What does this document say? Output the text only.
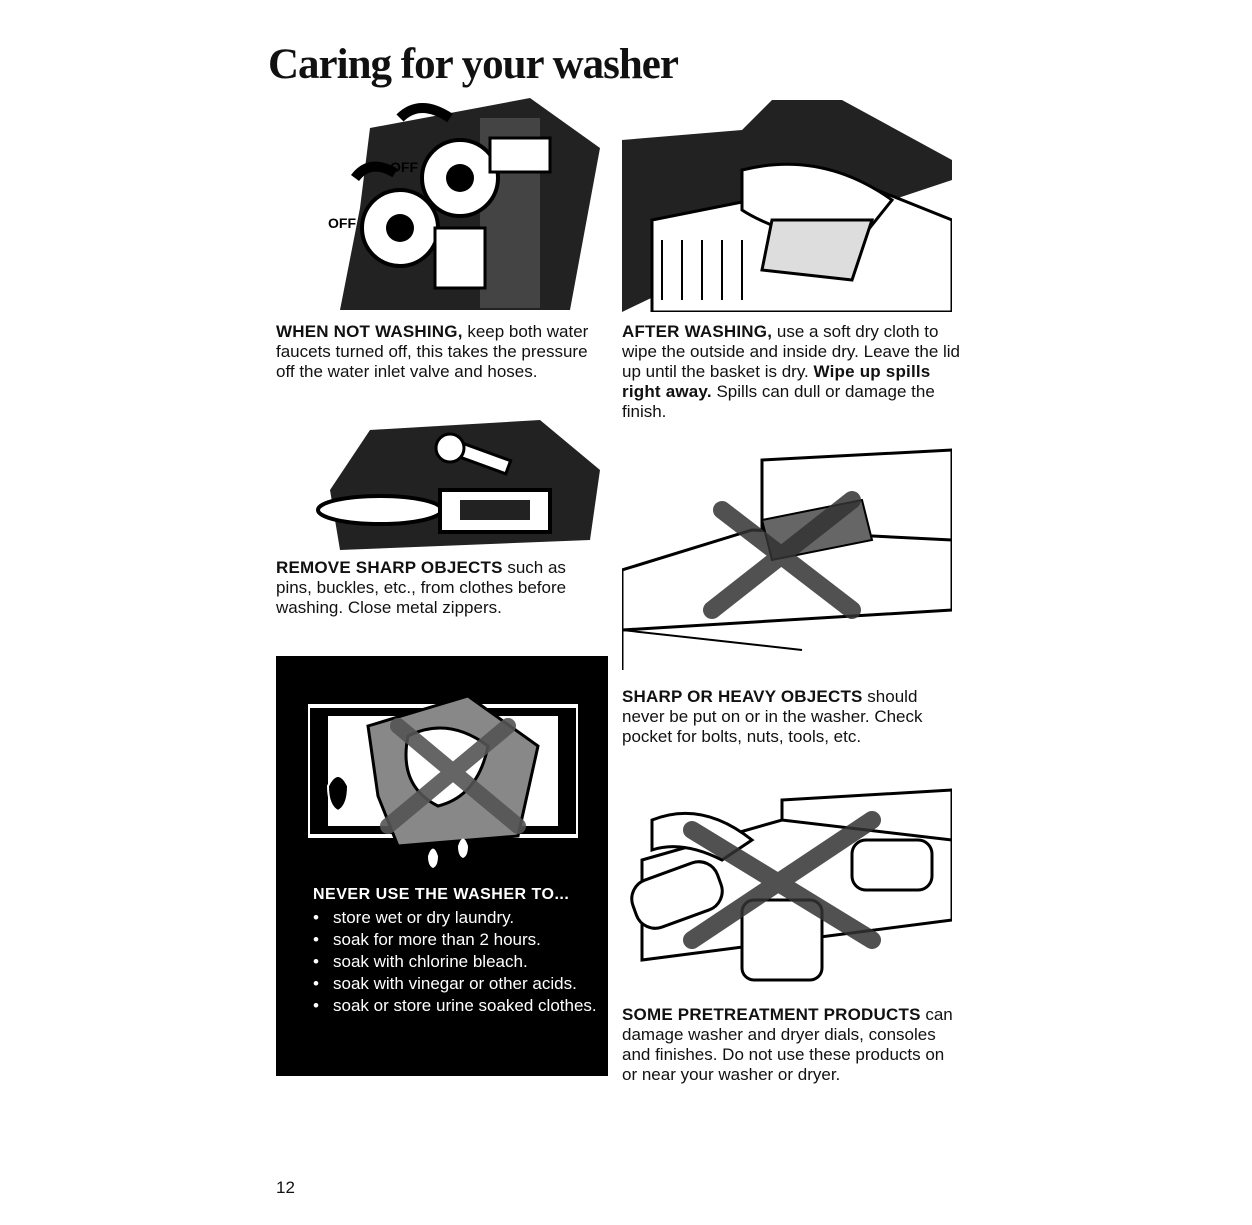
Caring for your washer
OFF
OFF

WHEN NOT WASHING, keep both water faucets turned off, this takes the pressure off the water inlet valve and hoses.

AFTER WASHING, use a soft dry cloth to wipe the outside and inside dry. Leave the lid up until the basket is dry. Wipe up spills right away. Spills can dull or damage the finish.

REMOVE SHARP OBJECTS such as pins, buckles, etc., from clothes before washing. Close metal zippers.

SHARP OR HEAVY OBJECTS should never be put on or in the washer. Check pocket for bolts, nuts, tools, etc.

NEVER USE THE WASHER TO...
• store wet or dry laundry.
• soak for more than 2 hours.
• soak with chlorine bleach.
• soak with vinegar or other acids.
• soak or store urine soaked clothes.	SOME PRETREATMENT PRODUCTS can damage washer and dryer dials, consoles and finishes. Do not use these products on or near your washer or dryer.

12
